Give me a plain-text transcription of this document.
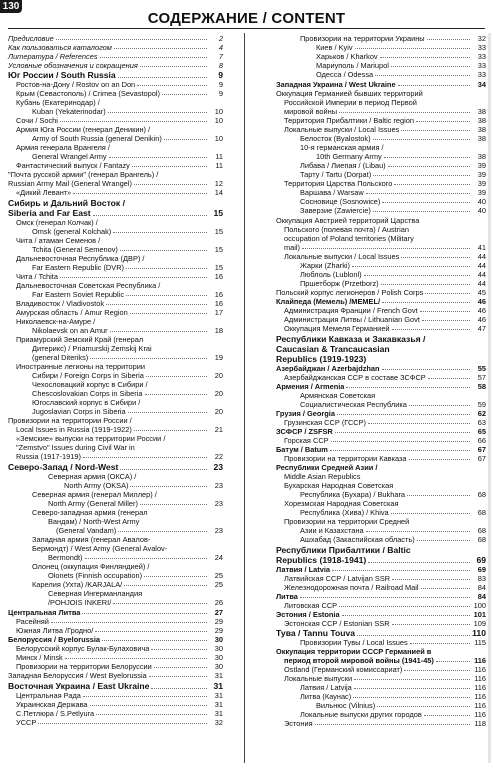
130
СОДЕРЖАНИЕ / CONTENT
Предисловие	2
Как пользоваться каталогом	4
Литература / References	7
Условные обозначения и сокращения	8
Юг России / South Russia	9
Ростов-на-Дону / Rostov on an Don	9
Крым (Севастополь) / Crimea (Sevastopol)	9
Кубань (Екатеринодар) /
Kuban (Yekaterinodar)	10
Сочи / Sochi	10
Армия Юга России (генерал Деникин) /
Army of South Russia (general Denikin)	10
Армия генерала Врангеля /
General Wrangel Army	11
Фантастический выпуск / Fantazy	11
"Почта русской армии" (генерал Врангель) /
Russian Army Mail (General Wrangel)	12
«Дикий Левант»	14
Сибирь и Дальний Восток /
Siberia and Far East	15
Омск (генерал Колчак) /
Omsk (general Kolchak)	15
Чита / атаман Семенов /
Tchita (General Semenov)	15
Дальневосточная Республика (ДВР) /
Far Eastern Republic (DVR)	15
Чита / Tchita	16
Дальневосточная Советская Республика /
Far Eastern Soviet Republic	16
Владивосток / Vladivostok	16
Амурская область / Amur Region	17
Николаевск-на-Амуре /
Nikolaevsk on an Amur	18
Приамурский Земский Край (генерал
Дитерикс) / Priamurskij Zemskij Krai
(general Diteriks)	19
Иностранные легионы на территории
Сибири / Foreign Corps in Siberia	20
Чехословацкий корпус в Сибири /
Chescoslovakian Corps in Siberia	20
Югославский корпус в Сибири /
Jugoslavian Corps in Siberia	20
Провизории на территории России /
Local Issues in Russia (1919-1922)	21
«Земские» выпуски на территории России /
"Zemstvo" Issues during Civil War in
Russia (1917-1919)	22
Северо-Запад / Nord-West	23
Северная армия (ОКСА) /
North Army (OKSA)	23
Северная армия (генерал Миллер) /
North Army (General Miller)	23
Северо-западная армия (генерал
Вандам) / North-West Army
(General Vandam)	23
Западная армия (генерал Авалов-
Бермондт) / West Army (General Avalov-
Bermondt)	24
Олонец (оккупация Финляндией) /
Olonets (Finnish occupation)	25
Карелия (Ухта) /KARJALA/	25
Северная Ингерманландия
/POHJOIS INKERI/	26
Центральная Литва	27
Расейняй	29
Южная Литва /Гродно/	29
Белоруссия / Byelorussia	30
Белорусский корпус Булак-Булаховича	30
Минск / Minsk	30
Провизории на территории Белоруссии	30
Западная Белоруссия / West Byelorussia	31
Восточная Украина / East Ukraine	31
Центральная Рада	31
Украинская Держава	31
С.Петлюра / S.Petlyura	31
УССР	32
Провизории на территории Украины	32
Киев / Kyiv	33
Харьков / Kharkov	33
Мариуполь / Mariupol	33
Одесса / Odessa	33
Западная Украина / West Ukraine	34
Оккупация Германией бывших территорий
Российской Империи в период Первой
мировой войны	38
Территория Прибалтики / Baltic region	38
Локальные выпуски / Local Issues	38
Белосток (Byalostok)	38
10-я германская армия /
10th Germany Army	38
Либава / Лиепая / (Libau)	39
Тарту / Tartu (Dorpat)	39
Территория Царства Польского	39
Варшава / Warsaw	39
Сосновице (Sosnowice)	40
Заверзие (Zawiercie)	40
Оккупация Австрией территорий Царства
Польского (полевая почта) / Austrian
occupation of Poland territories (Military
mail)	41
Локальные выпуски / Local Issues	44
Жарки (Zharki)	44
Люблоль (Lublonl)	44
Пршетборж (Przetborz)	44
Польский корпус легионеров / Polish Corps	45
Клайпеда (Мемель) /MEMEL/	46
Администрация Франции / French Govt	46
Администрация Литвы / Lithuanian Govt	46
Оккупация Мемеля Германией	47
Республики Кавказа и Закавказья /
Caucasian & Trancaucasian
Republics (1919-1923)
Азербайджан / Azerbajdzhan	55
Азербайджанская ССР в составе ЗСФСР	57
Армения / Armenia	58
Армянская Советская
Социалистическая Республика	59
Грузия / Georgia	62
Грузинская ССР (ГССР)	63
ЗСФСР / ZSFSR	65
Горская ССР	66
Батум / Batum	67
Провизории на территории Кавказа	67
Республики Средней Азии /
Middle Asian Republics
Бухарская Народная Советская
Республика (Бухара) / Bukhara	68
Хорезмская Народная Советская
Республика (Хива) / Khiva	68
Провизории на территории Средней
Азии и Казахстана	68
Ашхабад (Закаспийская область)	68
Республики Прибалтики / Baltic
Republics (1918-1941)	69
Латвия / Latvia	69
Латвийская ССР / Latvijan SSR	83
Железнодорожная почта / Railroad Mail	84
Литва	84
Литовская ССР	100
Эстония / Estonia	101
Эстонская ССР / Estonian SSR	109
Тува / Tannu Touva	110
Провизории Тувы / Local Issues	115
Оккупация территории СССР Германией в
период второй мировой войны (1941-45)	116
Ostland (Германский комиссариат)	116
Локальные выпуски	116
Латвия / Latvija	116
Литва (Каунас)	116
Вильнюс (Vilnius)	116
Локальные выпуски других городов	116
Эстония	118
